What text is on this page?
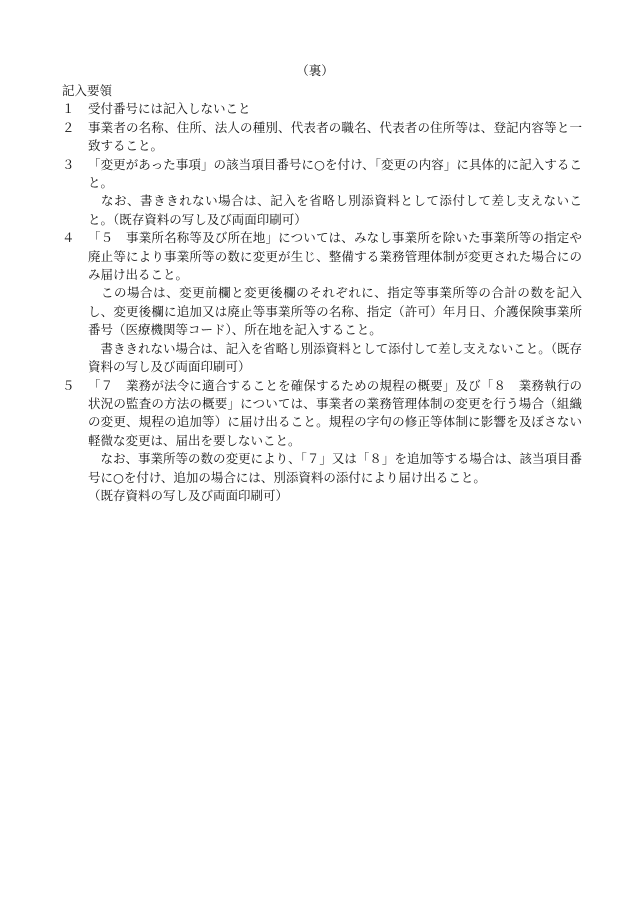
（裏）

記入要領

１	受付番号には記入しないこと

２	事業者の名称、住所、法人の種別、代表者の職名、代表者の住所等は、登記内容等と一致すること。

３	「変更があった事項」の該当項目番号に○を付け、「変更の内容」に具体的に記入すること。

　なお、書ききれない場合は、記入を省略し別添資料として添付して差し支えないこと。（既存資料の写し及び両面印刷可）

４	「５　事業所名称等及び所在地」については、みなし事業所を除いた事業所等の指定や廃止等により事業所等の数に変更が生じ、整備する業務管理体制が変更された場合にのみ届け出ること。

　この場合は、変更前欄と変更後欄のそれぞれに、指定等事業所等の合計の数を記入し、変更後欄に追加又は廃止等事業所等の名称、指定（許可）年月日、介護保険事業所番号（医療機関等コード）、所在地を記入すること。

　書ききれない場合は、記入を省略し別添資料として添付して差し支えないこと。（既存資料の写し及び両面印刷可）

５	「７　業務が法令に適合することを確保するための規程の概要」及び「８　業務執行の状況の監査の方法の概要」については、事業者の業務管理体制の変更を行う場合（組織の変更、規程の追加等）に届け出ること。規程の字句の修正等体制に影響を及ぼさない軽微な変更は、届出を要しないこと。

　なお、事業所等の数の変更により、「７」又は「８」を追加等する場合は、該当項目番号に○を付け、追加の場合には、別添資料の添付により届け出ること。

（既存資料の写し及び両面印刷可）
